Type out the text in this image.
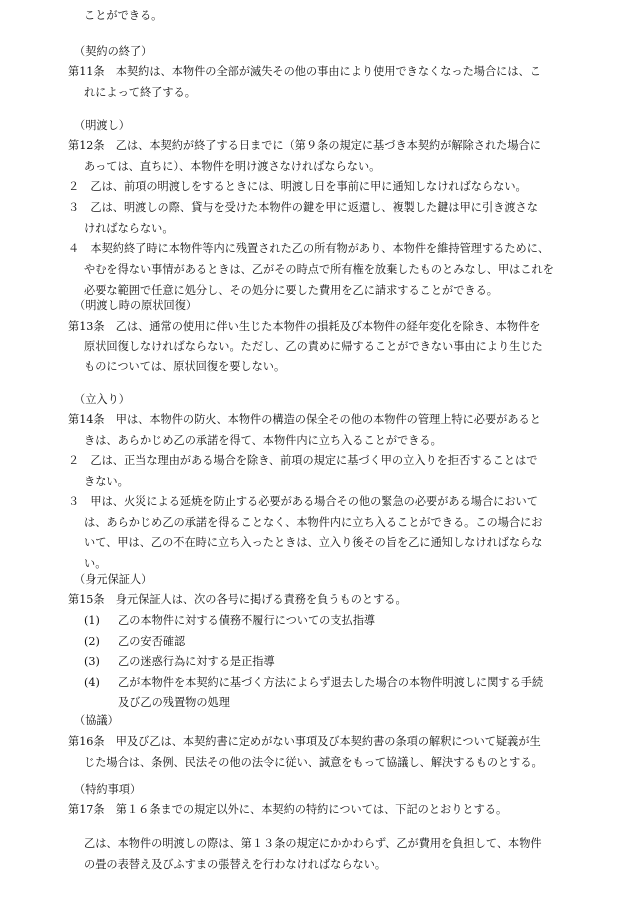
ことができる。
（契約の終了）
第11条　本契約は、本物件の全部が滅失その他の事由により使用できなくなった場合には、こ
れによって終了する。
（明渡し）
第12条　乙は、本契約が終了する日までに（第９条の規定に基づき本契約が解除された場合に
あっては、直ちに）、本物件を明け渡さなければならない。
２　乙は、前項の明渡しをするときには、明渡し日を事前に甲に通知しなければならない。
３　乙は、明渡しの際、貸与を受けた本物件の鍵を甲に返還し、複製した鍵は甲に引き渡さな
ければならない。
４　本契約終了時に本物件等内に残置された乙の所有物があり、本物件を維持管理するために、
やむを得ない事情があるときは、乙がその時点で所有権を放棄したものとみなし、甲はこれを
必要な範囲で任意に処分し、その処分に要した費用を乙に請求することができる。
（明渡し時の原状回復）
第13条　乙は、通常の使用に伴い生じた本物件の損耗及び本物件の経年変化を除き、本物件を
原状回復しなければならない。ただし、乙の責めに帰することができない事由により生じた
ものについては、原状回復を要しない。
（立入り）
第14条　甲は、本物件の防火、本物件の構造の保全その他の本物件の管理上特に必要があると
きは、あらかじめ乙の承諾を得て、本物件内に立ち入ることができる。
２　乙は、正当な理由がある場合を除き、前項の規定に基づく甲の立入りを拒否することはで
きない。
３　甲は、火災による延焼を防止する必要がある場合その他の緊急の必要がある場合において
は、あらかじめ乙の承諾を得ることなく、本物件内に立ち入ることができる。この場合にお
いて、甲は、乙の不在時に立ち入ったときは、立入り後その旨を乙に通知しなければならな
い。
（身元保証人）
第15条　身元保証人は、次の各号に掲げる責務を負うものとする。
(1) 乙の本物件に対する債務不履行についての支払指導
(2) 乙の安否確認
(3) 乙の迷惑行為に対する是正指導
(4) 乙が本物件を本契約に基づく方法によらず退去した場合の本物件明渡しに関する手続
及び乙の残置物の処理
（協議）
第16条　甲及び乙は、本契約書に定めがない事項及び本契約書の条項の解釈について疑義が生
じた場合は、条例、民法その他の法令に従い、誠意をもって協議し、解決するものとする。
（特約事項）
第17条　第１６条までの規定以外に、本契約の特約については、下記のとおりとする。
乙は、本物件の明渡しの際は、第１３条の規定にかかわらず、乙が費用を負担して、本物件
の畳の表替え及びふすまの張替えを行わなければならない。
